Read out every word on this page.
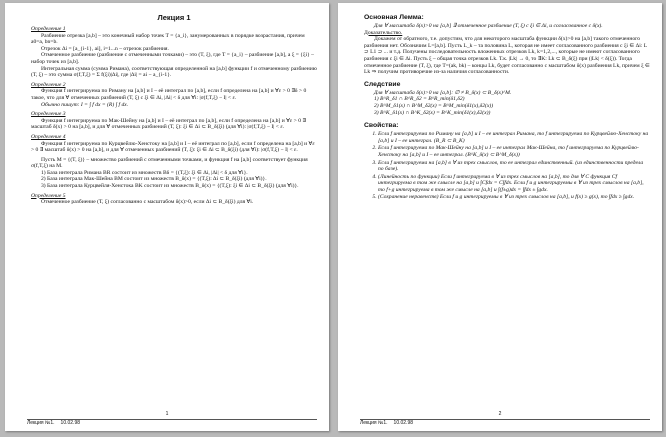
Лекция 1
Определение 1

Разбиение отрезка [a,b] – это конечный набор точек T = {a_i}, занумерованных в порядке возрастания, причем a0=a, bn=b.

Отрезок Δi = [a_{i-1}, ai], i=1...n – отрезок разбиения.

Отмеченное разбиение (разбиение с отмеченными точками) – это (T, ξ), где T = {a_i} – разбиение [a,b], a ξ = {ξi} – набор точек из [a,b].

Интегральная сумма (сумма Римана), соответствующая определенной на [a,b] функции f и отмеченному разбиению (T, ξ) – это сумма σ(f,T,ξ) = Σ f(ξi)|Δi|, где |Δi| = ai − a_{i-1}.

Определение 2

Функция f интегрируема по Риману на [a,b] и I – её интеграл по [a,b], если f определена на [a,b] и ∀ε > 0 ∃δ > 0 такое, что для ∀ отмеченных разбиений (T, ξ) с ξi ∈ Δi, |Δi| < δ для ∀i: |σ(f,T,ξ) − I| < ε.

Обычно пишут: I = ∫ f dx = (R) ∫ f dx.

Определение 3

Функция f интегрируема по Мак-Шейну на [a,b] и I – её интеграл по [a,b], если f определена на [a,b] и ∀ε > 0 ∃ масштаб δ(x) > 0 на [a,b], и для ∀ отмеченных разбиений (T, ξ): ξi ∈ Δi ⊂ B_δ(ξi) (для ∀i): |σ(f,T,ξ) − I| < ε.

Определение 4

Функция f интегрируема по Курцвейлю-Хенстоку на [a,b] и I – её интеграл по [a,b], если f определена на [a,b] и ∀ε > 0 ∃ масштаб δ(x) > 0 на [a,b], и для ∀ отмеченных разбиений (T, ξ): ξi ∈ Δi ⊂ B_δ(ξi) (для ∀i): |σ(f,T,ξ) − I| < ε.

Пусть M = {(T, ξ)} – множество разбиений с отмеченными точками, и функция f на [a,b] соответствует функция σ(f,T,ξ) на M.

1) База интеграла Римана BR состоит из множеств Bδ = {(T,ξ): ξi ∈ Δi, |Δi| < δ для ∀i}.

2) База интеграла Мак-Шейна BM состоит из множеств B_δ(x) = {(T,ξ): Δi ⊂ B_δ(ξi) (для ∀i)}.

3) База интеграла Курцвейля-Хенстока BK состоит из множеств B_δ(x) = {(T,ξ): ξi ∈ Δi ⊂ B_δ(ξi) (для ∀i)}.

Определение 5

Отмеченное разбиение (T, ξ) согласованно с масштабом δ(x)>0, если Δi ⊂ B_δ(ξi) для ∀i.

1
Лекция №1. 10.02.98
Основная Лемма:

Для ∀ масштаба δ(x)>0 на [a,b] ∃ отмеченное разбиение (T, ξ) с ξi ∈ Δi, и согласованное с δ(x).

Доказательство.

Докажем от обратного, т.е. допустим, что для некоторого масштаба функции δ(x)>0 на [a,b] такого отмеченного разбиения нет. Обозначим L=[a,b]. Пусть L_k – та половина L, которая не имеет согласованного разбиения с ξi ∈ Δi: L ⊃ L1 ⊃ ... и т.д. Получены последовательность вложенных отрезков Lk, k=1,2,..., которые не имеют согласованного разбиения с ξi ∈ Δi. Пусть ξ – общая точка отрезков Lk. Т.к. |Lk| → 0, то ∃K: Lk ⊂ B_δ(ξ) при (|Lk| < δ(ξ)). Тогда отмеченное разбиение (T, ξ), где T=(ak, bk) – концы Lk, будет согласованно с масштабом δ(x) разбиения Lk, причем ξ ∈ Lk ⇒ получим противоречие из-за наличия согласованности.

Следствие

Для ∀ масштаба δ(x)>0 на [a,b]: ∅ ≠ B_δ(x) ⊂ B_δ(x)^M.

1) B^R_δ1 ∩ B^R_δ2 = B^R_min(δ1,δ2)

2) B^M_δ1(x) ∩ B^M_δ2(x) = B^M_min(δ1(x),δ2(x))

3) B^K_δ1(x) ∩ B^K_δ2(x) = B^K_min(δ1(x),δ2(x))

Свойства:
1. Если f интегрируема по Риману на [a,b] и I – ее интеграл Римана, то f интегрируема по Курцвейлю-Хенстоку на [a,b] и I – ее интеграл. (B_R ⊂ B_K)
2. Если f интегрируема по Мак-Шейну на [a,b] и I – ее интеграл Мак-Шейна, то f интегрируема по Курцвейлю-Хенстоку на [a,b] и I – ее интеграл. (B^K_δ(x) ⊂ B^M_δ(x))
3. Если f интегрируема на [a,b] в ∀ из трех смыслов, то ее интеграл единственный. (из единственности предела по базе).
4. (Линейность по функции) Если f интегрируема в ∀ из трех смыслов на [a,b], то для ∀ C функция Cf интегрируема в том же смысле на [a,b] и ∫Cfdx = C∫fdx. Если f и g интегрируемы в ∀ из трех смыслов на [a,b], то f+g интегрируема в том же смысле на [a,b] и ∫(f±g)dx = ∫fdx ± ∫gdx.
5. (Сохранение неравенств) Если f и g интегрируемы в ∀ из трех смыслов на [a,b], u f(x) ≥ g(x), то ∫fdx ≥ ∫gdx.
2
Лекция №1. 10.02.98
